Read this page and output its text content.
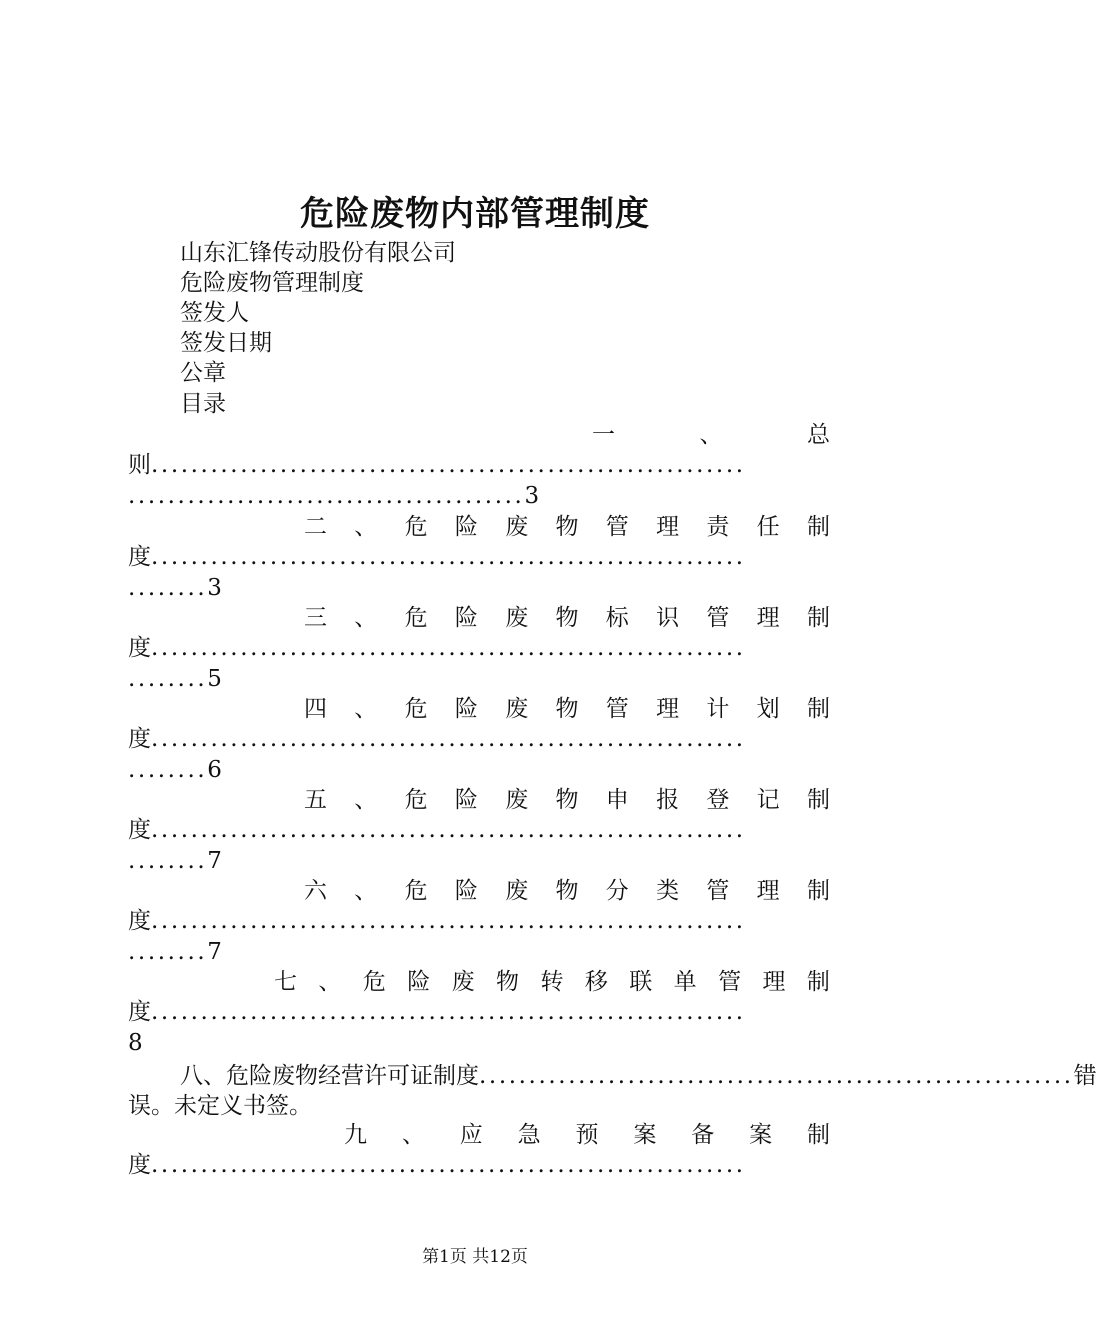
危险废物内部管理制度
山东汇锋传动股份有限公司
危险废物管理制度
签发人
签发日期
公章
目录
一	、	总
则............................................................
........................................3
二 、 危 险 废 物 管 理 责 任 制
度............................................................
........3
三 、 危 险 废 物 标 识 管 理 制
度............................................................
........5
四 、 危 险 废 物 管 理 计 划 制
度............................................................
........6
五 、 危 险 废 物 申 报 登 记 制
度............................................................
........7
六 、 危 险 废 物 分 类 管 理 制
度............................................................
........7
七 、 危 险 废 物 转 移 联 单 管 理 制
度............................................................
8
八、危险废物经营许可证制度 ............................................................ 错
误。未定义书签。
九 、 应 急 预 案 备 案 制
度............................................................
第1页 共12页
